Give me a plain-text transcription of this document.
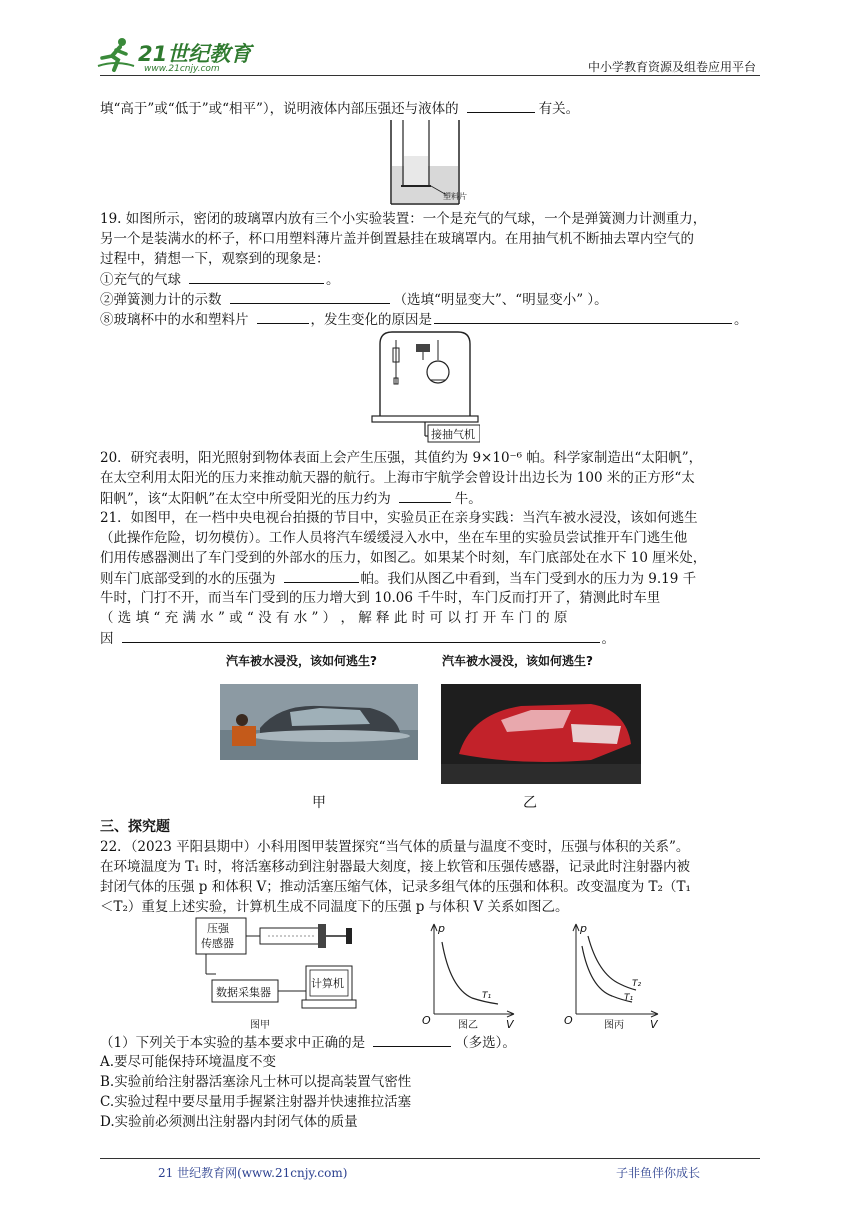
21世纪教育
www.21cnjy.com	中小学教育资源及组卷应用平台
填“高于”或“低于”或“相平”），说明液体内部压强还与液体的	有关。
塑料片
19. 如图所示，密闭的玻璃罩内放有三个小实验装置：一个是充气的气球，一个是弹簧测力计测重力，
另一个是装满水的杯子，杯口用塑料薄片盖并倒置悬挂在玻璃罩内。在用抽气机不断抽去罩内空气的
过程中，猜想一下，观察到的现象是：
①充气的气球	。
②弹簧测力计的示数	（选填“明显变大”、“明显变小” ）。
⑧玻璃杯中的水和塑料片	，发生变化的原因是	。
接抽气机
20．研究表明，阳光照射到物体表面上会产生压强，其值约为 9×10⁻⁶ 帕。科学家制造出“太阳帆”，
在太空利用太阳光的压力来推动航天器的航行。上海市宇航学会曾设计出边长为 100 米的正方形“太
阳帆”，该“太阳帆”在太空中所受阳光的压力约为	牛。
21．如图甲，在一档中央电视台拍摄的节目中，实验员正在亲身实践：当汽车被水浸没，该如何逃生
（此操作危险，切勿模仿）。工作人员将汽车缓缓浸入水中，坐在车里的实验员尝试推开车门逃生他
们用传感器测出了车门受到的外部水的压力，如图乙。如果某个时刻，车门底部处在水下 10 厘米处，
则车门底部受到的水的压强为	帕。我们从图乙中看到，当车门受到水的压力为 9.19 千
牛时，门打不开，而当车门受到的压力增大到 10.06 千牛时，车门反而打开了，猜测此时车里
（ 选 填 “ 充 满 水 ” 或 “ 没 有 水 ” ） ， 解 释 此 时 可 以 打 开 车 门 的 原
因	。
汽车被水浸没，该如何逃生?	汽车被水浸没，该如何逃生?
甲	乙
三、探究题
22．（2023 平阳县期中）小科用图甲装置探究“当气体的质量与温度不变时，压强与体积的关系”。
在环境温度为 T₁ 时，将活塞移动到注射器最大刻度，接上软管和压强传感器，记录此时注射器内被
封闭气体的压强 p 和体积 V；推动活塞压缩气体，记录多组气体的压强和体积。改变温度为 T₂（T₁
＜T₂）重复上述实验，计算机生成不同温度下的压强 p 与体积 V 关系如图乙。
压强
传感器
数据采集器
计算机
图甲
p
V
O
T₁
图乙
p
V
O
T₂
T₁
图丙
（1）下列关于本实验的基本要求中正确的是	（多选）。
A.要尽可能保持环境温度不变
B.实验前给注射器活塞涂凡士林可以提高装置气密性
C.实验过程中要尽量用手握紧注射器并快速推拉活塞
D.实验前必须测出注射器内封闭气体的质量
21 世纪教育网(www.21cnjy.com)	子非鱼伴你成长
